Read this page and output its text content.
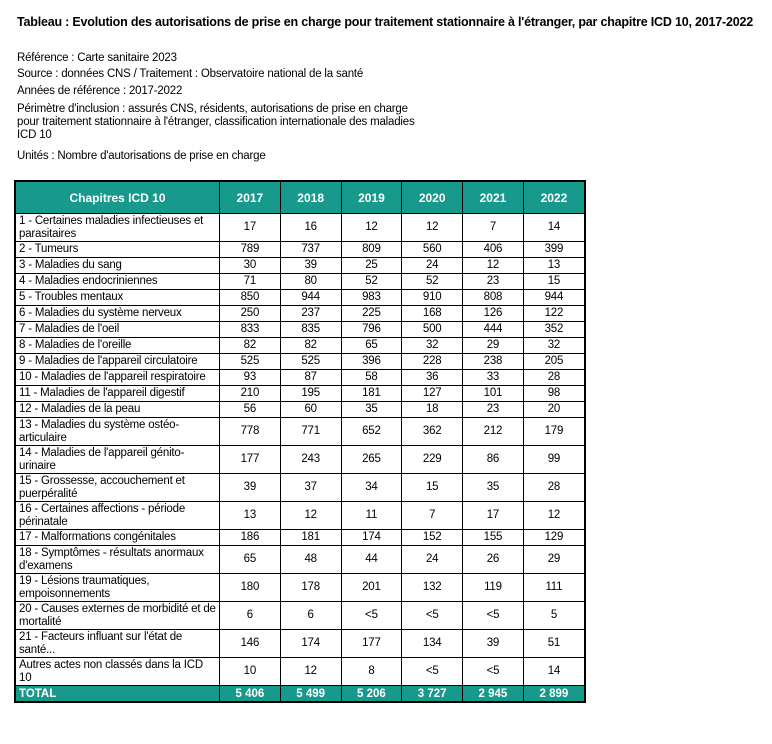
Tableau : Evolution des autorisations de prise en charge pour traitement stationnaire à l'étranger, par chapitre ICD 10, 2017-2022
Référence : Carte sanitaire 2023
Source : données CNS / Traitement : Observatoire national de la santé
Années de référence : 2017-2022
Périmètre d'inclusion : assurés CNS, résidents, autorisations de prise en charge pour traitement stationnaire à l'étranger, classification internationale des maladies ICD 10
Unités : Nombre d'autorisations de prise en charge
Chapitres ICD 10	2017	2018	2019	2020	2021	2022
1 - Certaines maladies infectieuses et parasitaires	17	16	12	12	7	14
2 - Tumeurs	789	737	809	560	406	399
3 - Maladies du sang	30	39	25	24	12	13
4 - Maladies endocriniennes	71	80	52	52	23	15
5 - Troubles mentaux	850	944	983	910	808	944
6 - Maladies du système nerveux	250	237	225	168	126	122
7 - Maladies de l'oeil	833	835	796	500	444	352
8 - Maladies de l'oreille	82	82	65	32	29	32
9 - Maladies de l'appareil circulatoire	525	525	396	228	238	205
10 - Maladies de l'appareil respiratoire	93	87	58	36	33	28
11 - Maladies de l'appareil digestif	210	195	181	127	101	98
12 - Maladies de la peau	56	60	35	18	23	20
13 - Maladies du système ostéo-articulaire	778	771	652	362	212	179
14 - Maladies de l'appareil génito-urinaire	177	243	265	229	86	99
15 - Grossesse, accouchement et puerpéralité	39	37	34	15	35	28
16 - Certaines affections - période périnatale	13	12	11	7	17	12
17 - Malformations congénitales	186	181	174	152	155	129
18 - Symptômes - résultats anormaux d'examens	65	48	44	24	26	29
19 - Lésions traumatiques, empoisonnements	180	178	201	132	119	111
20 - Causes externes de morbidité et de mortalité	6	6	<5	<5	<5	5
21 - Facteurs influant sur l'état de santé...	146	174	177	134	39	51
Autres actes non classés dans la ICD 10	10	12	8	<5	<5	14
TOTAL	5 406	5 499	5 206	3 727	2 945	2 899
